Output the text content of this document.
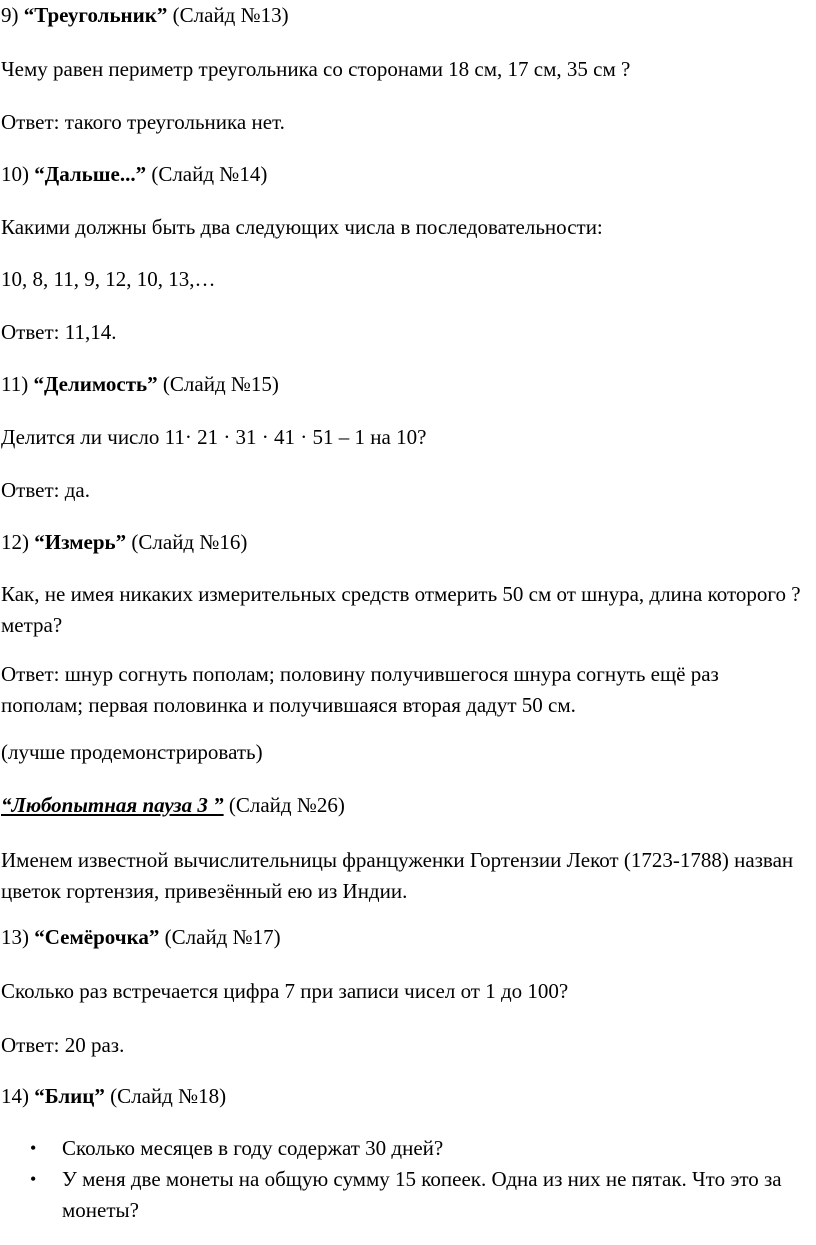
9) “Треугольник” (Слайд №13)

Чему равен периметр треугольника со сторонами 18 см, 17 см, 35 см ?

Ответ: такого треугольника нет.

10) “Дальше...” (Слайд №14)

Какими должны быть два следующих числа в последовательности:

10, 8, 11, 9, 12, 10, 13,…

Ответ: 11,14.

11) “Делимость” (Слайд №15)

Делится ли число 11· 21 · 31 · 41 · 51 – 1 на 10?

Ответ: да.

12) “Измерь” (Слайд №16)

Как, не имея никаких измерительных средств отмерить 50 см от шнура, длина которого ? метра?

Ответ: шнур согнуть пополам; половину получившегося шнура согнуть ещё раз пополам; первая половинка и получившаяся вторая дадут 50 см.

(лучше продемонстрировать)

“Любопытная пауза 3 ” (Слайд №26)

Именем известной вычислительницы француженки Гортензии Лекот (1723-1788) назван цветок гортензия, привезённый ею из Индии.

13) “Семёрочка” (Слайд №17)

Сколько раз встречается цифра 7 при записи чисел от 1 до 100?

Ответ: 20 раз.

14) “Блиц” (Слайд №18)

• Сколько месяцев в году содержат 30 дней?
• У меня две монеты на общую сумму 15 копеек. Одна из них не пятак. Что это за монеты?
